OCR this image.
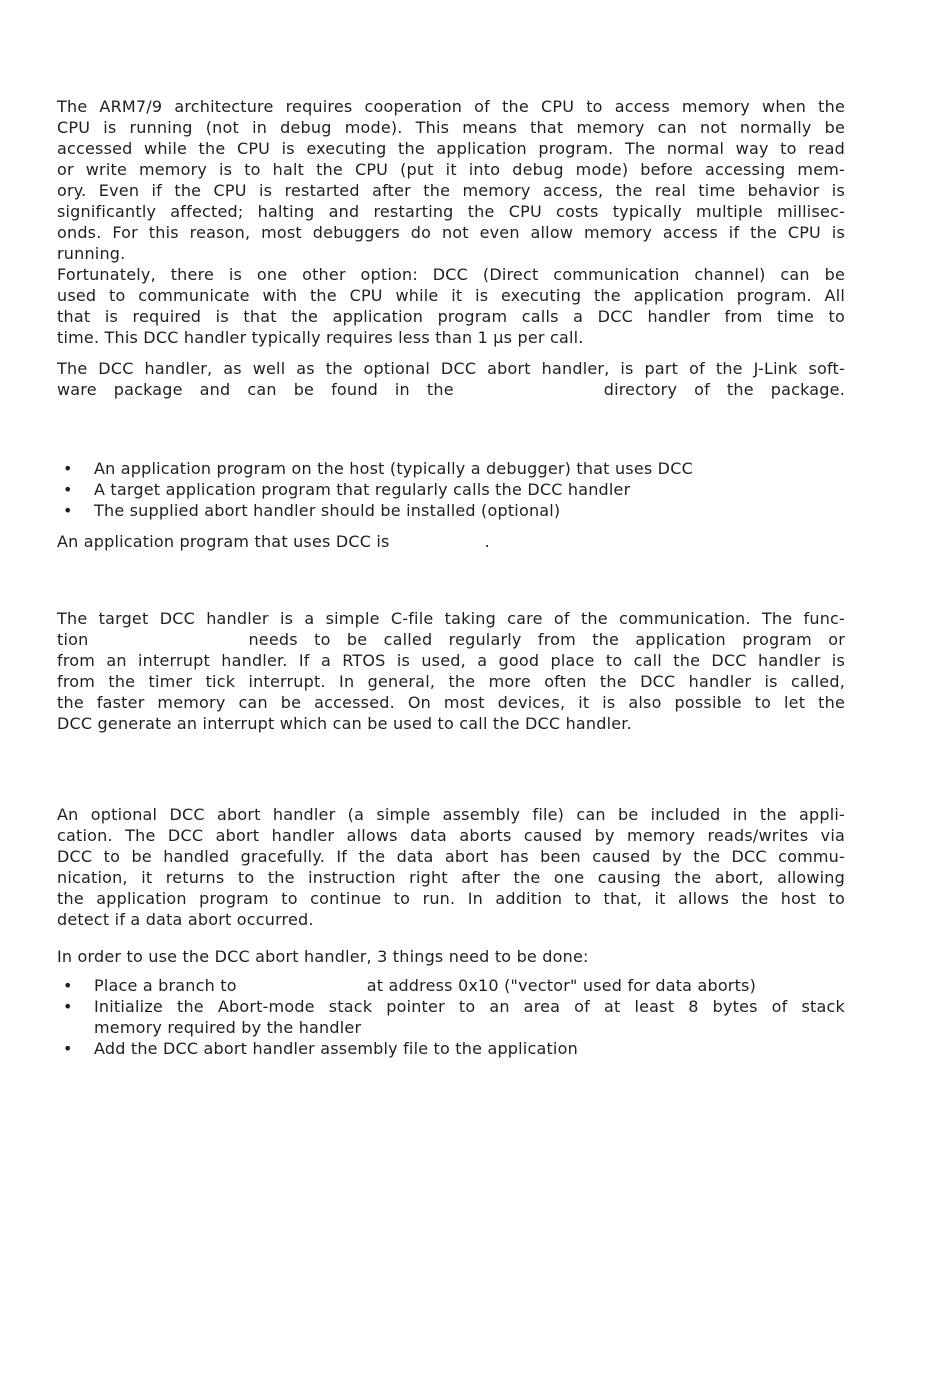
The ARM7/9 architecture requires cooperation of the CPU to access memory when the
CPU is running (not in debug mode). This means that memory can not normally be
accessed while the CPU is executing the application program. The normal way to read
or write memory is to halt the CPU (put it into debug mode) before accessing mem-
ory. Even if the CPU is restarted after the memory access, the real time behavior is
significantly affected; halting and restarting the CPU costs typically multiple millisec-
onds. For this reason, most debuggers do not even allow memory access if the CPU is
running.
Fortunately, there is one other option: DCC (Direct communication channel) can be
used to communicate with the CPU while it is executing the application program. All
that is required is that the application program calls a DCC handler from time to
time. This DCC handler typically requires less than 1 µs per call.
The DCC handler, as well as the optional DCC abort handler, is part of the J-Link soft-
ware package and can be found in the	directory of the package.
•	An application program on the host (typically a debugger) that uses DCC
•	A target application program that regularly calls the DCC handler
•	The supplied abort handler should be installed (optional)
An application program that uses DCC is	.
The target DCC handler is a simple C-file taking care of the communication. The func-
tion	needs to be called regularly from the application program or
from an interrupt handler. If a RTOS is used, a good place to call the DCC handler is
from the timer tick interrupt. In general, the more often the DCC handler is called,
the faster memory can be accessed. On most devices, it is also possible to let the
DCC generate an interrupt which can be used to call the DCC handler.
An optional DCC abort handler (a simple assembly file) can be included in the appli-
cation. The DCC abort handler allows data aborts caused by memory reads/writes via
DCC to be handled gracefully. If the data abort has been caused by the DCC commu-
nication, it returns to the instruction right after the one causing the abort, allowing
the application program to continue to run. In addition to that, it allows the host to
detect if a data abort occurred.
In order to use the DCC abort handler, 3 things need to be done:
•	Place a branch to	at address 0x10 ("vector" used for data aborts)
•	Initialize the Abort-mode stack pointer to an area of at least 8 bytes of stack
memory required by the handler
•	Add the DCC abort handler assembly file to the application
